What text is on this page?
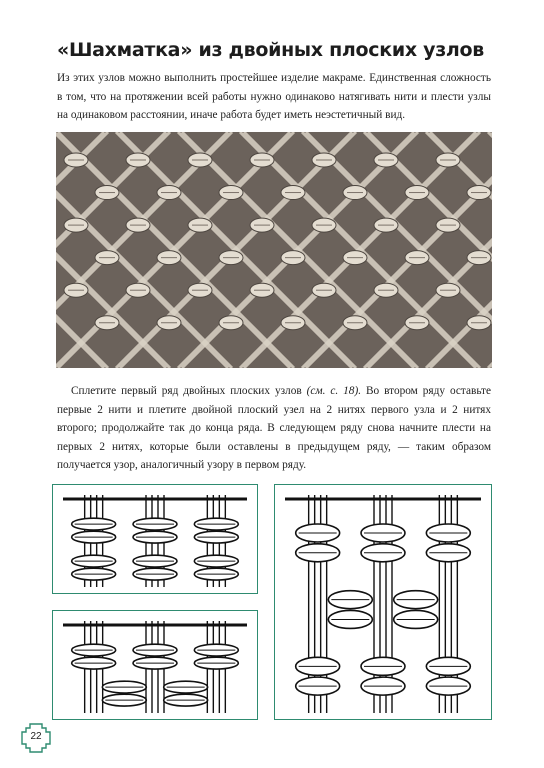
«Шахматка» из двойных плоских узлов

Из этих узлов можно выполнить простейшее изделие макраме. Единственная сложность в том, что на протяжении всей работы нужно одинаково натягивать нити и плести узлы на одинаковом расстоянии, иначе работа будет иметь неэстетичный вид.

Сплетите первый ряд двойных плоских узлов (см. с. 18). Во втором ряду оставьте первые 2 нити и плетите двойной плоский узел на 2 нитях первого узла и 2 нитях второго; продолжайте так до конца ряда. В следующем ряду снова начните плести на первых 2 нитях, которые были оставлены в предыдущем ряду, — таким образом получается узор, аналогичный узору в первом ряду.

22
